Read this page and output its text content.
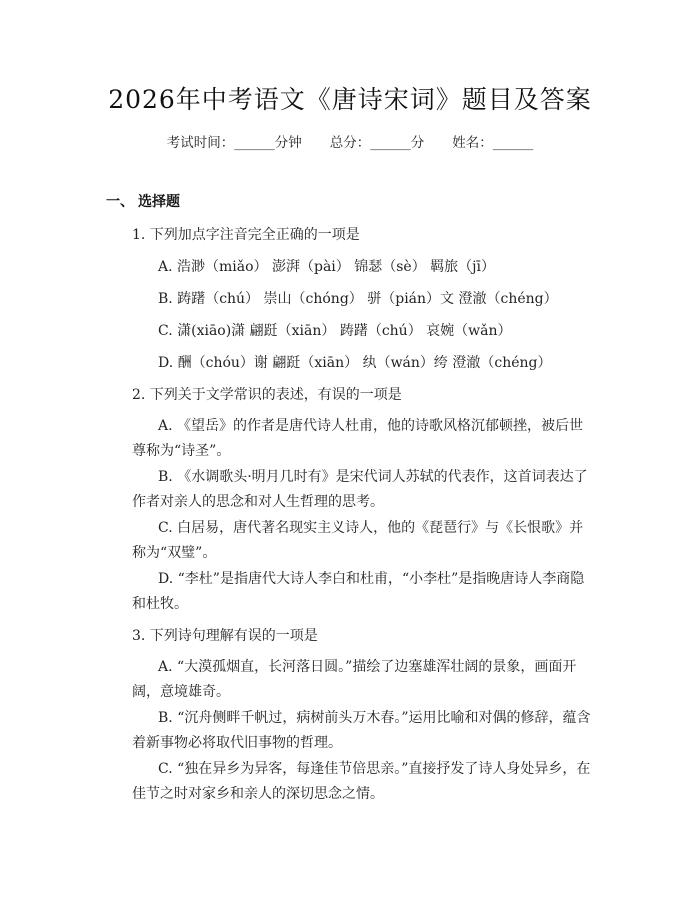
2026年中考语文《唐诗宋词》题目及答案
考试时间：______分钟 总分：______分 姓名：______
一、 选择题
1. 下列加点字注音完全正确的一项是
A. 浩渺（miǎo） 澎湃（pài） 锦瑟（sè） 羁旅（jī）
B. 踌躇（chú） 崇山（chóng） 骈（pián）文 澄澈（chéng）
C. 潇(xiāo)潇 翩跹（xiān） 踌躇（chú） 哀婉（wǎn）
D. 酬（chóu）谢 翩跹（xiān） 纨（wán）绔 澄澈（chéng）
2. 下列关于文学常识的表述，有误的一项是
A. 《望岳》的作者是唐代诗人杜甫，他的诗歌风格沉郁顿挫，被后世尊称为“诗圣”。
B. 《水调歌头·明月几时有》是宋代词人苏轼的代表作，这首词表达了作者对亲人的思念和对人生哲理的思考。
C. 白居易，唐代著名现实主义诗人，他的《琵琶行》与《长恨歌》并称为“双璧”。
D. “李杜”是指唐代大诗人李白和杜甫，“小李杜”是指晚唐诗人李商隐和杜牧。
3. 下列诗句理解有误的一项是
A. “大漠孤烟直，长河落日圆。”描绘了边塞雄浑壮阔的景象，画面开阔，意境雄奇。
B. “沉舟侧畔千帆过，病树前头万木春。”运用比喻和对偶的修辞，蕴含着新事物必将取代旧事物的哲理。
C. “独在异乡为异客，每逢佳节倍思亲。”直接抒发了诗人身处异乡，在佳节之时对家乡和亲人的深切思念之情。
